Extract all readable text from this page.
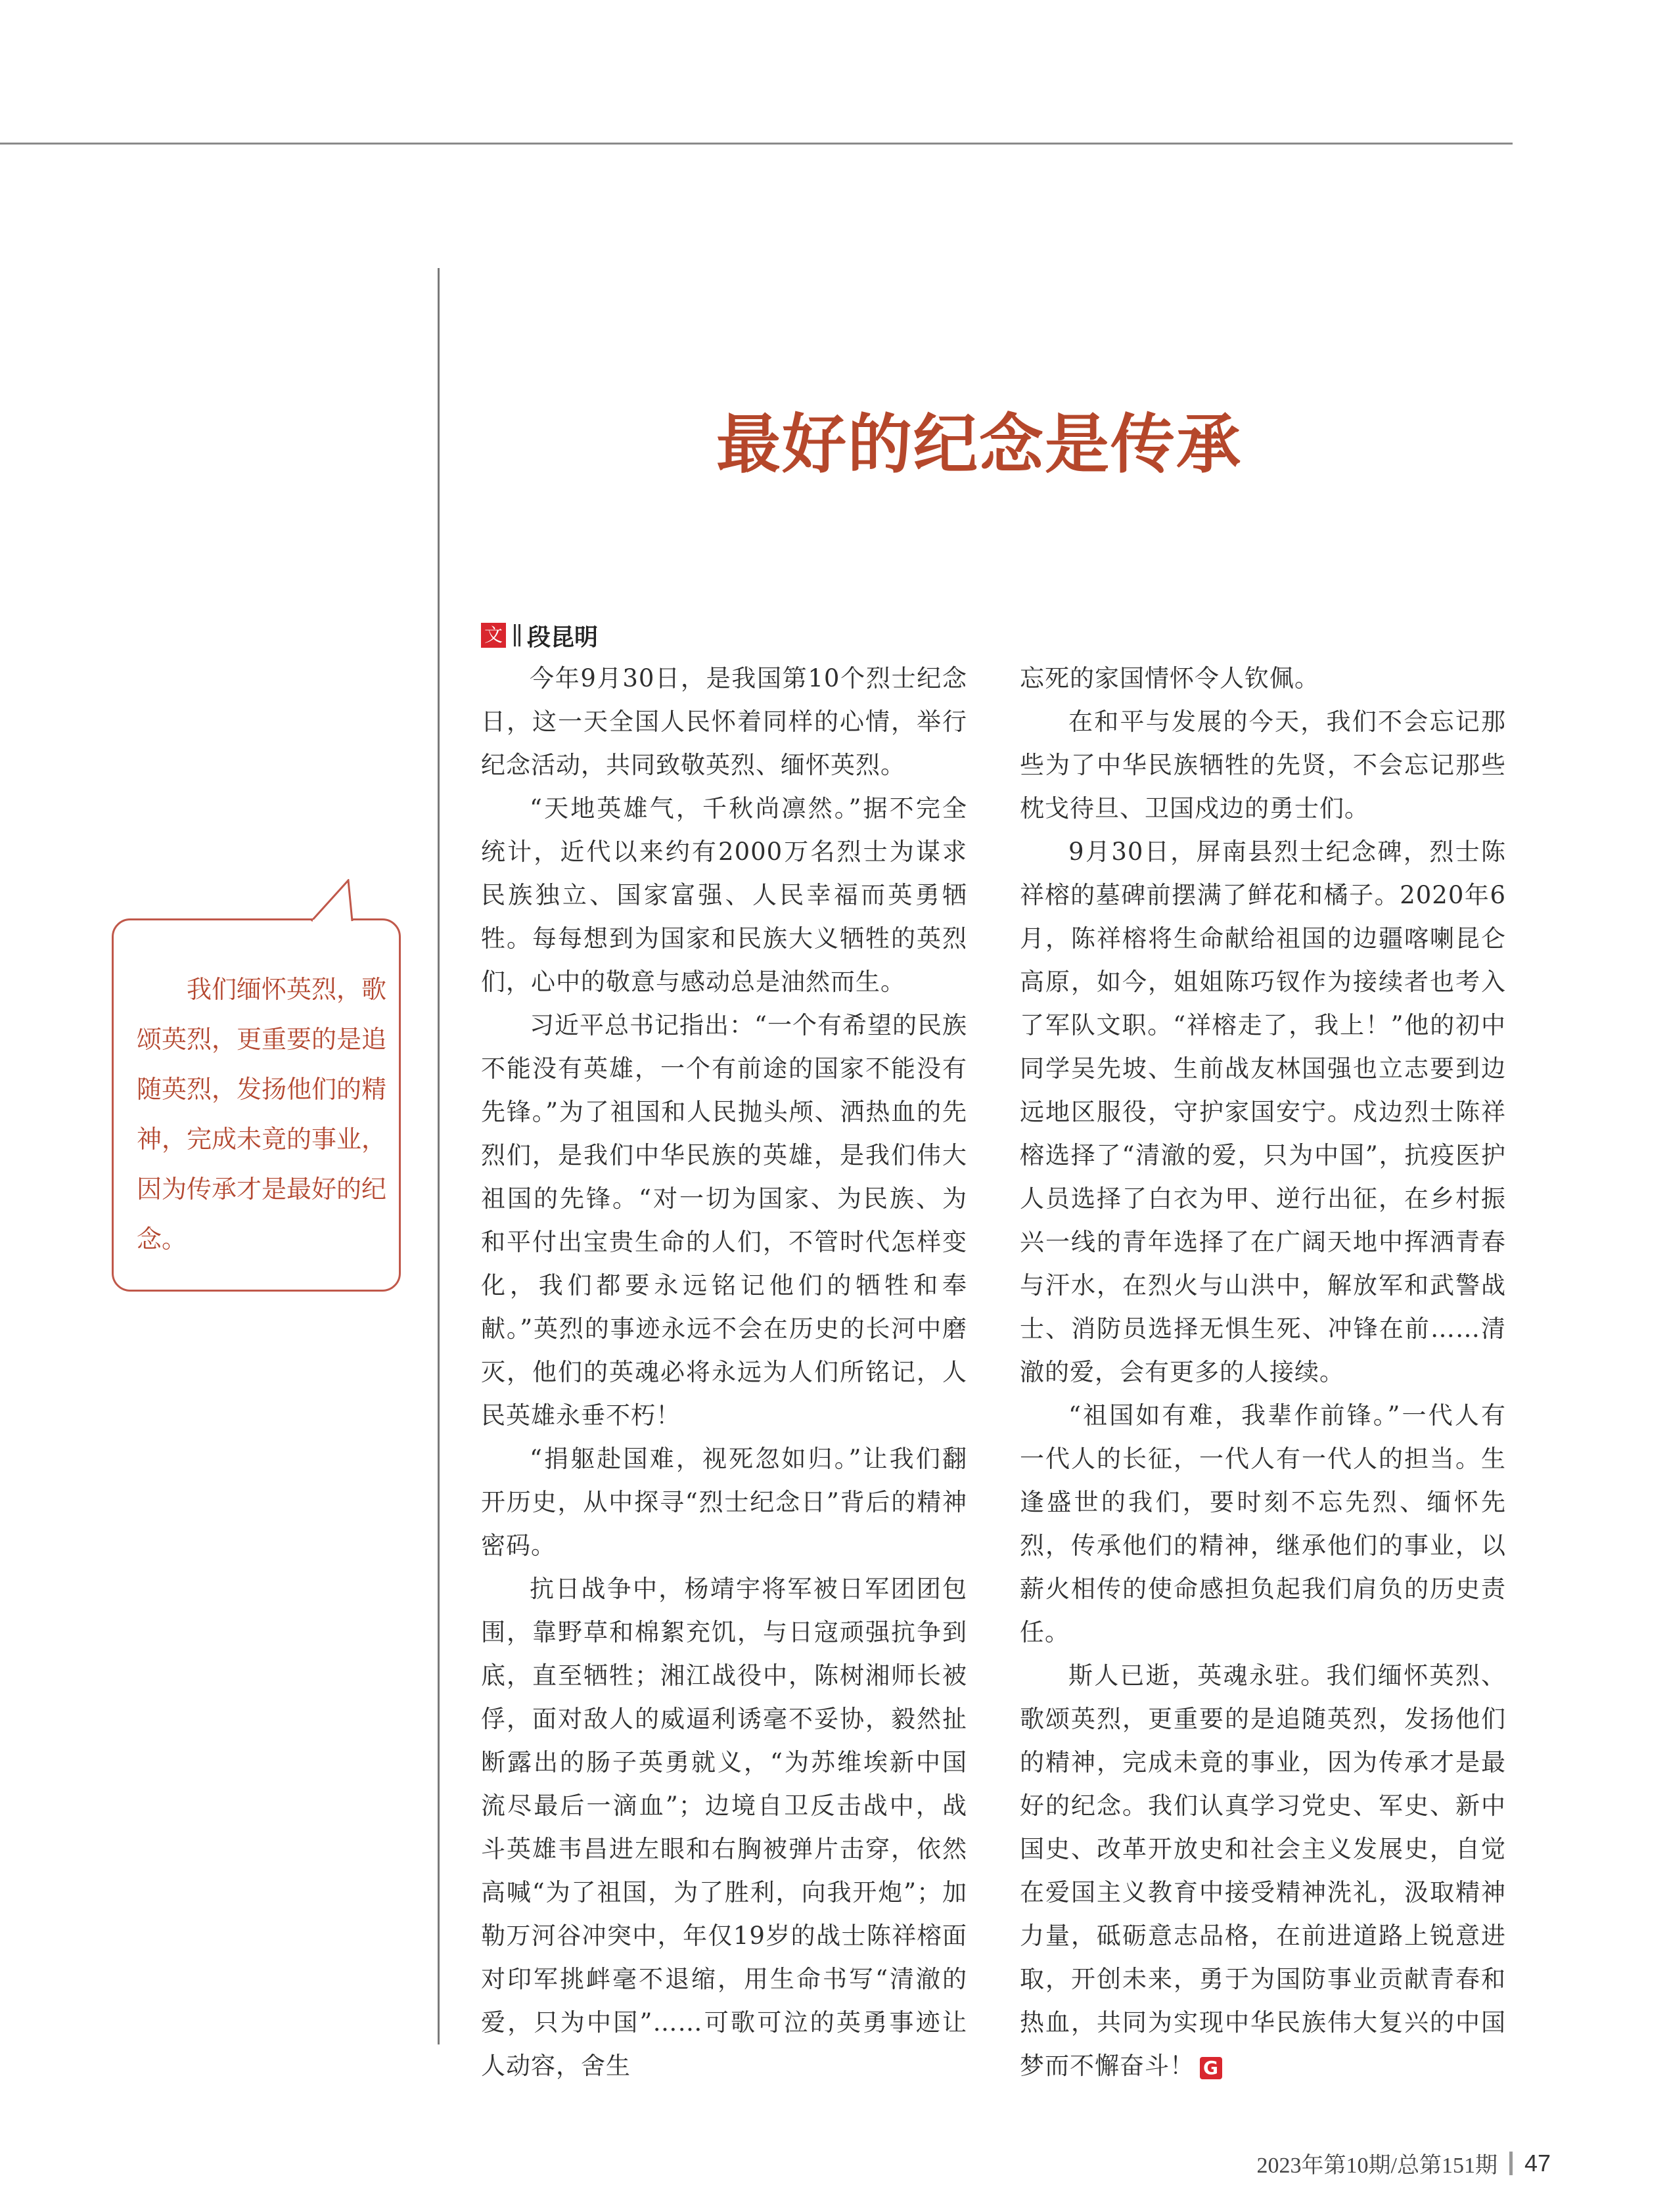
我们缅怀英烈，歌颂英烈，更重要的是追随英烈，发扬他们的精神，完成未竟的事业，因为传承才是最好的纪念。
最好的纪念是传承
文 段昆明

今年9月30日，是我国第10个烈士纪念日，这一天全国人民怀着同样的心情，举行纪念活动，共同致敬英烈、缅怀英烈。

“天地英雄气，千秋尚凛然。”据不完全统计，近代以来约有2000万名烈士为谋求民族独立、国家富强、人民幸福而英勇牺牲。每每想到为国家和民族大义牺牲的英烈们，心中的敬意与感动总是油然而生。

习近平总书记指出：“一个有希望的民族不能没有英雄，一个有前途的国家不能没有先锋。”为了祖国和人民抛头颅、洒热血的先烈们，是我们中华民族的英雄，是我们伟大祖国的先锋。“对一切为国家、为民族、为和平付出宝贵生命的人们，不管时代怎样变化，我们都要永远铭记他们的牺牲和奉献。”英烈的事迹永远不会在历史的长河中磨灭，他们的英魂必将永远为人们所铭记，人民英雄永垂不朽！

“捐躯赴国难，视死忽如归。”让我们翻开历史，从中探寻“烈士纪念日”背后的精神密码。

抗日战争中，杨靖宇将军被日军团团包围，靠野草和棉絮充饥，与日寇顽强抗争到底，直至牺牲；湘江战役中，陈树湘师长被俘，面对敌人的威逼利诱毫不妥协，毅然扯断露出的肠子英勇就义，“为苏维埃新中国流尽最后一滴血”；边境自卫反击战中，战斗英雄韦昌进左眼和右胸被弹片击穿，依然高喊“为了祖国，为了胜利，向我开炮”；加勒万河谷冲突中，年仅19岁的战士陈祥榕面对印军挑衅毫不退缩，用生命书写“清澈的爱，只为中国”……可歌可泣的英勇事迹让人动容，舍生

忘死的家国情怀令人钦佩。

在和平与发展的今天，我们不会忘记那些为了中华民族牺牲的先贤，不会忘记那些枕戈待旦、卫国戍边的勇士们。

9月30日，屏南县烈士纪念碑，烈士陈祥榕的墓碑前摆满了鲜花和橘子。2020年6月，陈祥榕将生命献给祖国的边疆喀喇昆仑高原，如今，姐姐陈巧钗作为接续者也考入了军队文职。“祥榕走了，我上！”他的初中同学吴先坡、生前战友林国强也立志要到边远地区服役，守护家国安宁。戍边烈士陈祥榕选择了“清澈的爱，只为中国”，抗疫医护人员选择了白衣为甲、逆行出征，在乡村振兴一线的青年选择了在广阔天地中挥洒青春与汗水，在烈火与山洪中，解放军和武警战士、消防员选择无惧生死、冲锋在前……清澈的爱，会有更多的人接续。

“祖国如有难，我辈作前锋。”一代人有一代人的长征，一代人有一代人的担当。生逢盛世的我们，要时刻不忘先烈、缅怀先烈，传承他们的精神，继承他们的事业，以薪火相传的使命感担负起我们肩负的历史责任。

斯人已逝，英魂永驻。我们缅怀英烈、歌颂英烈，更重要的是追随英烈，发扬他们的精神，完成未竟的事业，因为传承才是最好的纪念。我们认真学习党史、军史、新中国史、改革开放史和社会主义发展史，自觉在爱国主义教育中接受精神洗礼，汲取精神力量，砥砺意志品格，在前进道路上锐意进取，开创未来，勇于为国防事业贡献青春和热血，共同为实现中华民族伟大复兴的中国梦而不懈奋斗！ G

2023年第10期/总第151期 47
